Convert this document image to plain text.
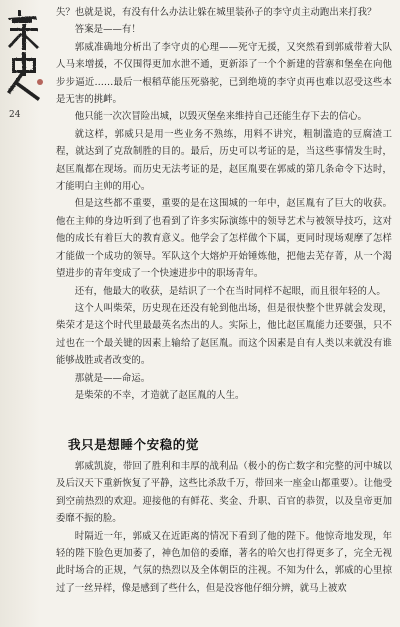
24

失？也就是说，有没有什么办法让躲在城里装孙子的李守贞主动跑出来打我？

答案是——有！

郭威准确地分析出了李守贞的心理——死守无援，又突然看到郭威带着大队人马来增援，不仅围得更加水泄不通，更新添了一个个新建的营寨和堡垒在向他步步逼近……最后一根稻草能压死骆驼，已到绝境的李守贞再也难以忍受这些本是无害的挑衅。

他只能一次次冒险出城，以毁灭堡垒来维持自己还能生存下去的信心。

就这样，郭威只是用一些业务不熟练，用料不讲究，粗制滥造的豆腐渣工程，就达到了克敌制胜的目的。最后，历史可以考证的是，当这些事情发生时，赵匡胤都在现场。而历史无法考证的是，赵匡胤要在郭威的第几条命令下达时，才能明白主帅的用心。

但是这些都不重要，重要的是在这围城的一年中，赵匡胤有了巨大的收获。他在主帅的身边听到了也看到了许多实际演练中的领导艺术与被领导技巧，这对他的成长有着巨大的教育意义。他学会了怎样做个下属，更同时现场观摩了怎样才能做一个成功的领导。军队这个大熔炉开始锤炼他，把他去芜存菁，从一个渴望进步的青年变成了一个快速进步中的职场青年。

还有，他最大的收获，是结识了一个在当时同样不起眼，而且很年轻的人。

这个人叫柴荣，历史现在还没有轮到他出场，但是很快整个世界就会发现，柴荣才是这个时代里最最英名杰出的人。实际上，他比赵匡胤能力还要强，只不过也在一个最关键的因素上输给了赵匡胤。而这个因素是自有人类以来就没有谁能够战胜或者改变的。

那就是——命运。

是柴荣的不幸，才造就了赵匡胤的人生。

我只是想睡个安稳的觉

郭威凯旋，带回了胜利和丰厚的战利品（极小的伤亡数字和完整的河中城以及后汉天下重新恢复了平静，这些比杀敌千万，带回来一座金山都重要）。让他受到空前热烈的欢迎。迎接他的有鲜花、奖金、升职、百官的恭贺，以及皇帝更加委靡不振的脸。

时隔近一年，郭威又在近距离的情况下看到了他的陛下。他惊奇地发现，年轻的陛下脸色更加萎了，神色加倍的委靡，著名的哈欠也打得更多了，完全无视此时场合的正规，气氛的热烈以及全体朝臣的注视。不知为什么，郭威的心里掠过了一丝异样，像是感到了些什么，但是没容他仔细分辨，就马上被欢
